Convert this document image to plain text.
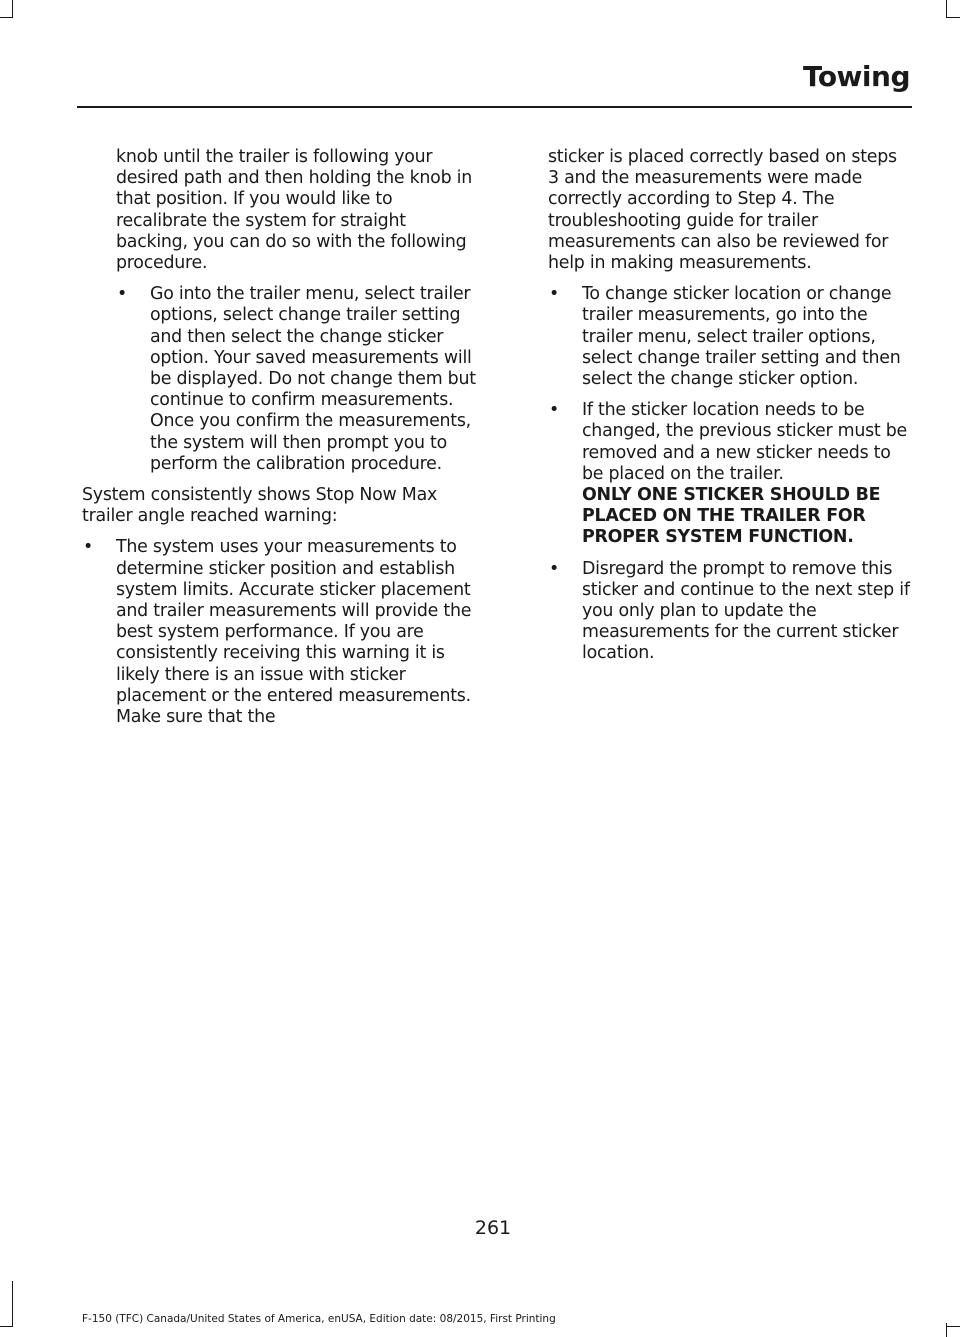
Towing

knob until the trailer is following your desired path and then holding the knob in that position. If you would like to recalibrate the system for straight backing, you can do so with the following procedure.

• Go into the trailer menu, select trailer options, select change trailer setting and then select the change sticker option. Your saved measurements will be displayed. Do not change them but continue to confirm measurements. Once you confirm the measurements, the system will then prompt you to perform the calibration procedure.

System consistently shows Stop Now Max trailer angle reached warning:

• The system uses your measurements to determine sticker position and establish system limits. Accurate sticker placement and trailer measurements will provide the best system performance. If you are consistently receiving this warning it is likely there is an issue with sticker placement or the entered measurements. Make sure that the

sticker is placed correctly based on steps 3 and the measurements were made correctly according to Step 4. The troubleshooting guide for trailer measurements can also be reviewed for help in making measurements.

• To change sticker location or change trailer measurements, go into the trailer menu, select trailer options, select change trailer setting and then select the change sticker option.
• If the sticker location needs to be changed, the previous sticker must be removed and a new sticker needs to be placed on the trailer.
ONLY ONE STICKER SHOULD BE PLACED ON THE TRAILER FOR PROPER SYSTEM FUNCTION.
• Disregard the prompt to remove this sticker and continue to the next step if you only plan to update the measurements for the current sticker location.
261
F-150 (TFC) Canada/United States of America, enUSA, Edition date: 08/2015, First Printing
